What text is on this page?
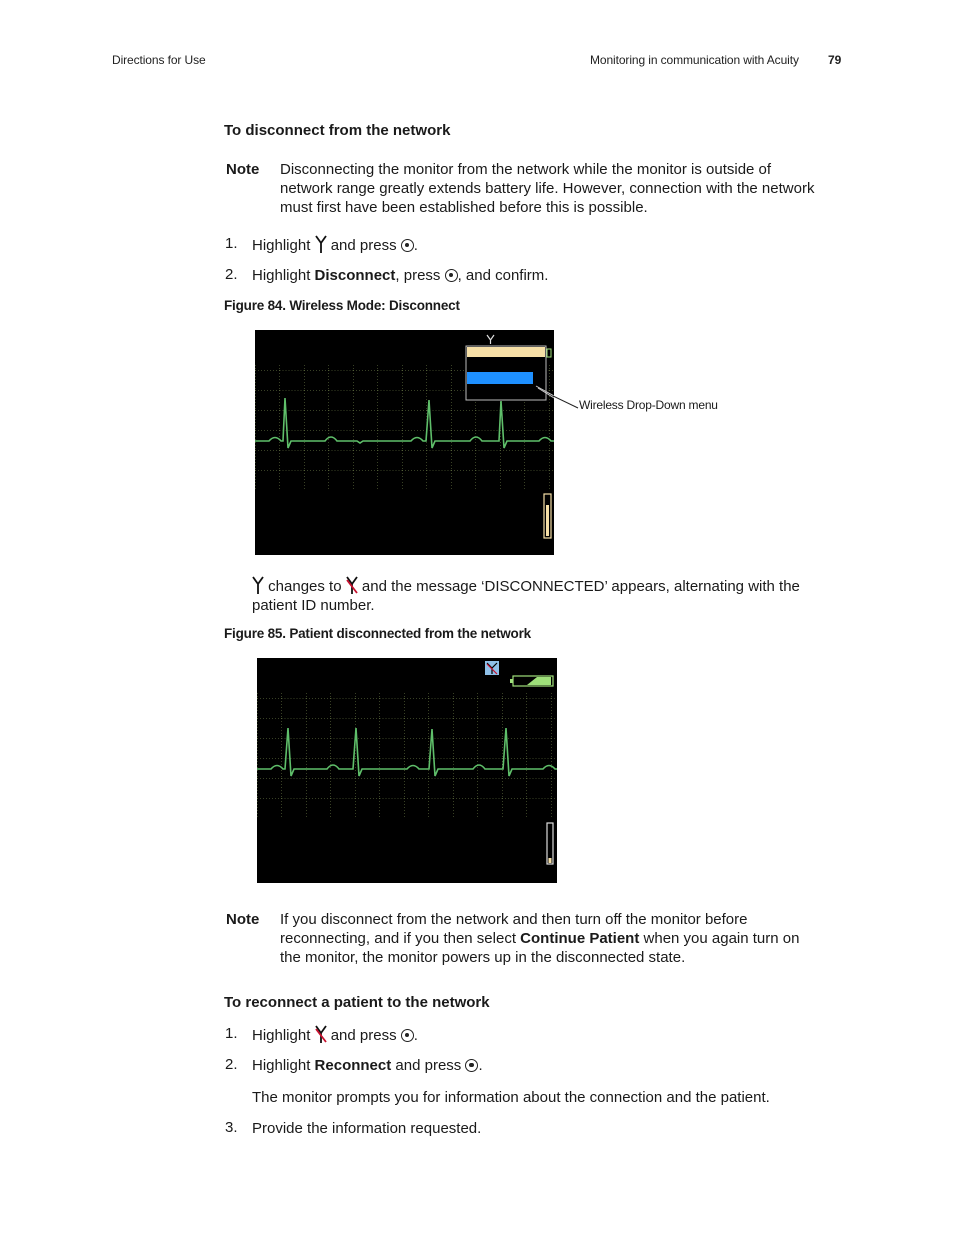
Directions for Use	Monitoring in communication with Acuity 79
To disconnect from the network
Note Disconnecting the monitor from the network while the monitor is outside of
network range greatly extends battery life. However, connection with the network
must first have been established before this is possible.
1. Highlight and press .
2. Highlight Disconnect, press , and confirm.
Figure 84. Wireless Mode: Disconnect
Wireless Drop-Down menu
changes to and the message ‘DISCONNECTED’ appears, alternating with the
patient ID number.
Figure 85. Patient disconnected from the network
Note If you disconnect from the network and then turn off the monitor before
reconnecting, and if you then select Continue Patient when you again turn on
the monitor, the monitor powers up in the disconnected state.
To reconnect a patient to the network
1. Highlight and press .
2. Highlight Reconnect and press .
The monitor prompts you for information about the connection and the patient.
3. Provide the information requested.
